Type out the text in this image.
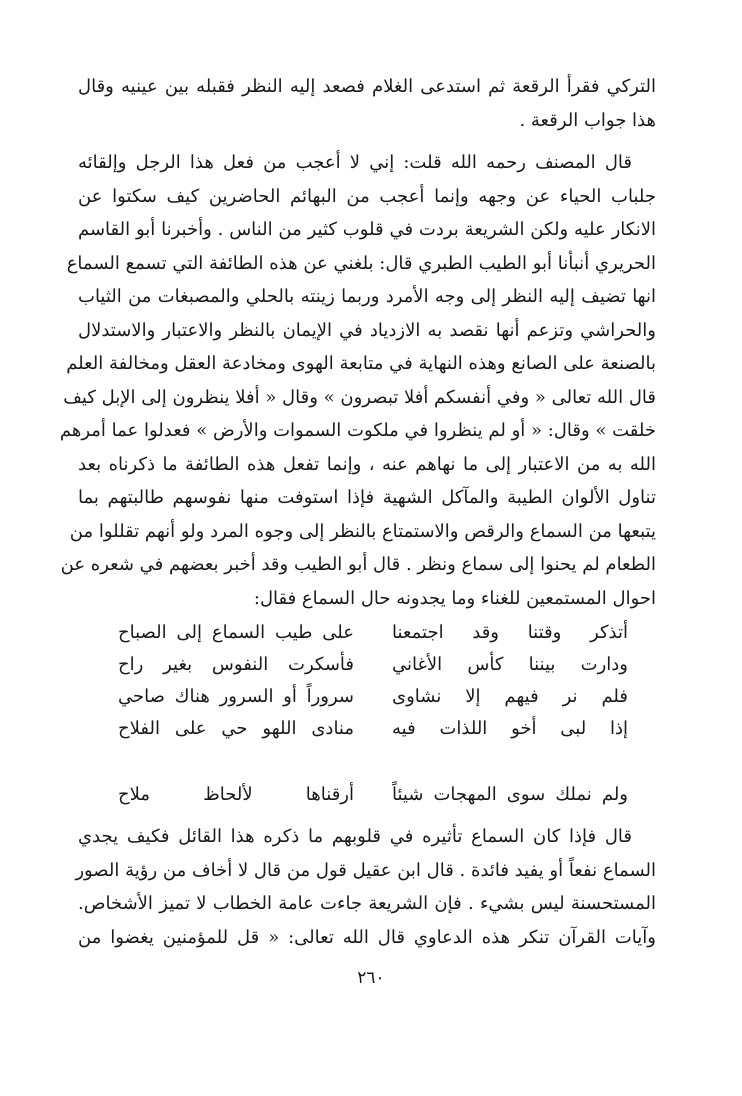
التركي فقرأ الرقعة ثم استدعى الغلام فصعد إليه النظر فقبله بين عينيه وقال
هذا جواب الرقعة .
قال المصنف رحمه الله قلت: إني لا أعجب من فعل هذا الرجل وإلقائه
جلباب الحياء عن وجهه وإنما أعجب من البهائم الحاضرين كيف سكتوا عن
الانكار عليه ولكن الشريعة بردت في قلوب كثير من الناس . وأخبرنا أبو القاسم
الحريري أنبأنا أبو الطيب الطبري قال: بلغني عن هذه الطائفة التي تسمع السماع
انها تضيف إليه النظر إلى وجه الأمرد وربما زينته بالحلي والمصبغات من الثياب
والحراشي وتزعم أنها نقصد به الازدياد في الإيمان بالنظر والاعتبار والاستدلال
بالصنعة على الصانع وهذه النهاية في متابعة الهوى ومخادعة العقل ومخالفة العلم
قال الله تعالى « وفي أنفسكم أفلا تبصرون » وقال « أفلا ينظرون إلى الإبل كيف
خلقت » وقال: « أو لم ينظروا في ملكوت السموات والأرض » فعدلوا عما أمرهم
الله به من الاعتبار إلى ما نهاهم عنه ، وإنما تفعل هذه الطائفة ما ذكرناه بعد
تناول الألوان الطيبة والمآكل الشهية فإذا استوفت منها نفوسهم طالبتهم بما
يتبعها من السماع والرقص والاستمتاع بالنظر إلى وجوه المرد ولو أنهم تقللوا من
الطعام لم يحنوا إلى سماع ونظر . قال أبو الطيب وقد أخبر بعضهم في شعره عن
احوال المستمعين للغناء وما يجدونه حال السماع فقال:
أتذكر وقتنا وقد اجتمعنا
على طيب السماع إلى الصباح
ودارت بيننا كأس الأغاني
فأسكرت النفوس بغير راح
فلم نر فيهم إلا نشاوى
سروراً أو السرور هناك صاحي
إذا لبى أخو اللذات فيه
منادى اللهو حي على الفلاح
ولم نملك سوى المهجات شيئاً
أرقناها لألحاظ ملاح
قال فإذا كان السماع تأثيره في قلوبهم ما ذكره هذا القائل فكيف يجدي
السماع نفعاً أو يفيد فائدة . قال ابن عقيل قول من قال لا أخاف من رؤية الصور
المستحسنة ليس بشيء . فإن الشريعة جاءت عامة الخطاب لا تميز الأشخاص.
وآيات القرآن تنكر هذه الدعاوي قال الله تعالى: « قل للمؤمنين يغضوا من
٢٦٠
